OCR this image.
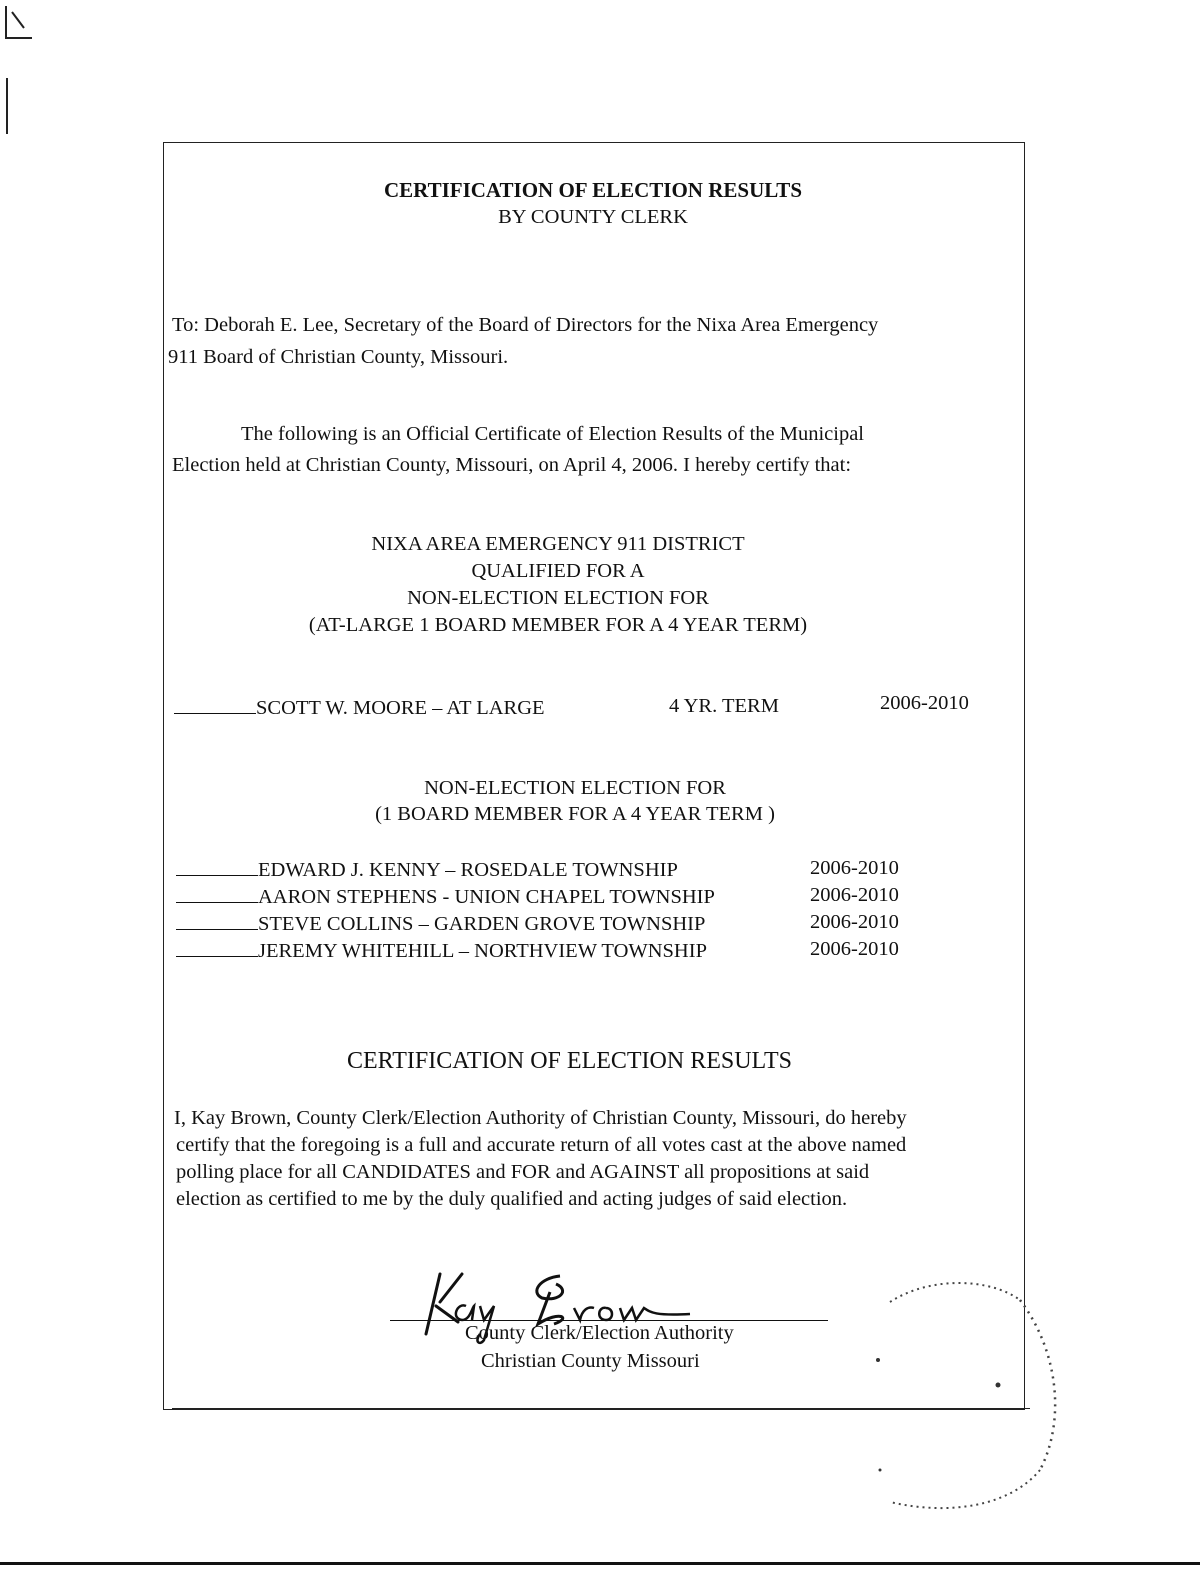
CERTIFICATION OF ELECTION RESULTS
BY COUNTY CLERK
To: Deborah E. Lee, Secretary of the Board of Directors for the Nixa Area Emergency
911 Board of Christian County, Missouri.
The following is an Official Certificate of Election Results of the Municipal
Election held at Christian County, Missouri, on April 4, 2006. I hereby certify that:
NIXA AREA EMERGENCY 911 DISTRICT
QUALIFIED FOR A
NON-ELECTION ELECTION FOR
(AT-LARGE 1 BOARD MEMBER FOR A 4 YEAR TERM)
SCOTT W. MOORE – AT LARGE	4 YR. TERM	2006-2010
NON-ELECTION ELECTION FOR
(1 BOARD MEMBER FOR A 4 YEAR TERM )
EDWARD J. KENNY – ROSEDALE TOWNSHIP	2006-2010
AARON STEPHENS - UNION CHAPEL TOWNSHIP	2006-2010
STEVE COLLINS – GARDEN GROVE TOWNSHIP	2006-2010
JEREMY WHITEHILL – NORTHVIEW TOWNSHIP	2006-2010
CERTIFICATION OF ELECTION RESULTS
I, Kay Brown, County Clerk/Election Authority of Christian County, Missouri, do hereby
certify that the foregoing is a full and accurate return of all votes cast at the above named
polling place for all CANDIDATES and FOR and AGAINST all propositions at said
election as certified to me by the duly qualified and acting judges of said election.
County Clerk/Election Authority
Christian County Missouri
